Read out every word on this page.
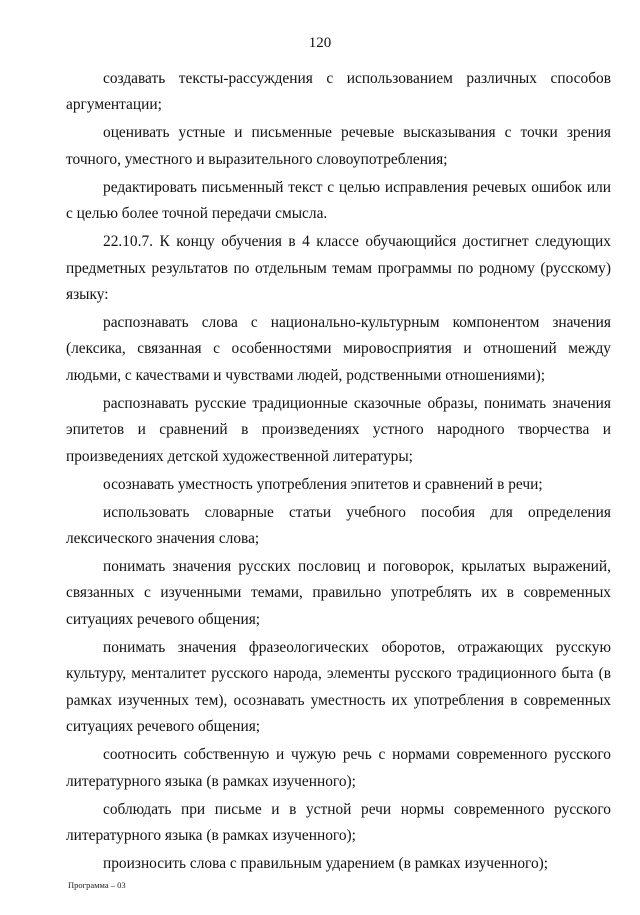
120

создавать тексты-рассуждения с использованием различных способов аргументации;

оценивать устные и письменные речевые высказывания с точки зрения точного, уместного и выразительного словоупотребления;

редактировать письменный текст с целью исправления речевых ошибок или с целью более точной передачи смысла.

22.10.7. К концу обучения в 4 классе обучающийся достигнет следующих предметных результатов по отдельным темам программы по родному (русскому) языку:

распознавать слова с национально-культурным компонентом значения (лексика, связанная с особенностями мировосприятия и отношений между людьми, с качествами и чувствами людей, родственными отношениями);

распознавать русские традиционные сказочные образы, понимать значения эпитетов и сравнений в произведениях устного народного творчества и произведениях детской художественной литературы;

осознавать уместность употребления эпитетов и сравнений в речи;

использовать словарные статьи учебного пособия для определения лексического значения слова;

понимать значения русских пословиц и поговорок, крылатых выражений, связанных с изученными темами, правильно употреблять их в современных ситуациях речевого общения;

понимать значения фразеологических оборотов, отражающих русскую культуру, менталитет русского народа, элементы русского традиционного быта (в рамках изученных тем), осознавать уместность их употребления в современных ситуациях речевого общения;

соотносить собственную и чужую речь с нормами современного русского литературного языка (в рамках изученного);

соблюдать при письме и в устной речи нормы современного русского литературного языка (в рамках изученного);

произносить слова с правильным ударением (в рамках изученного);

Программа – 03
